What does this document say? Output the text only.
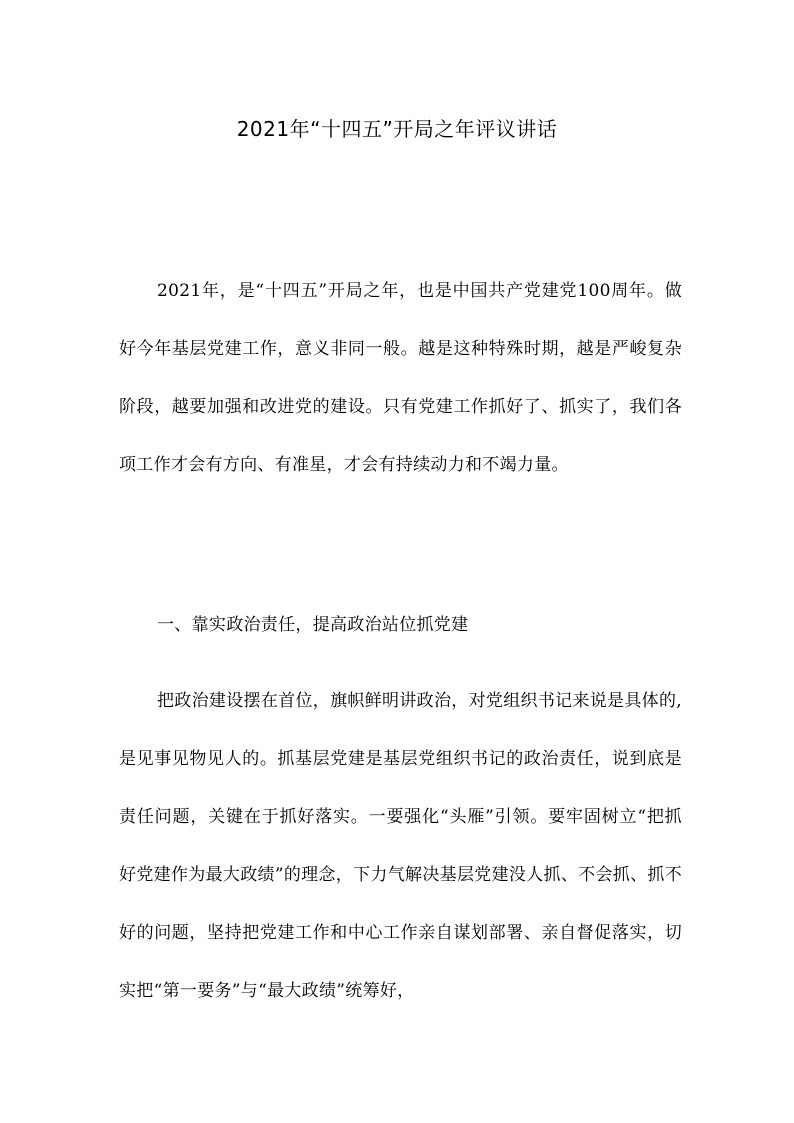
2021年“十四五”开局之年评议讲话

2021年，是“十四五”开局之年，也是中国共产党建党100周年。做好今年基层党建工作，意义非同一般。越是这种特殊时期，越是严峻复杂阶段，越要加强和改进党的建设。只有党建工作抓好了、抓实了，我们各项工作才会有方向、有准星，才会有持续动力和不竭力量。

一、靠实政治责任，提高政治站位抓党建

把政治建设摆在首位，旗帜鲜明讲政治，对党组织书记来说是具体的,是见事见物见人的。抓基层党建是基层党组织书记的政治责任，说到底是责任问题，关键在于抓好落实。一要强化“头雁”引领。要牢固树立“把抓好党建作为最大政绩”的理念，下力气解决基层党建没人抓、不会抓、抓不好的问题，坚持把党建工作和中心工作亲自谋划部署、亲自督促落实，切实把“第一要务”与“最大政绩”统筹好，
